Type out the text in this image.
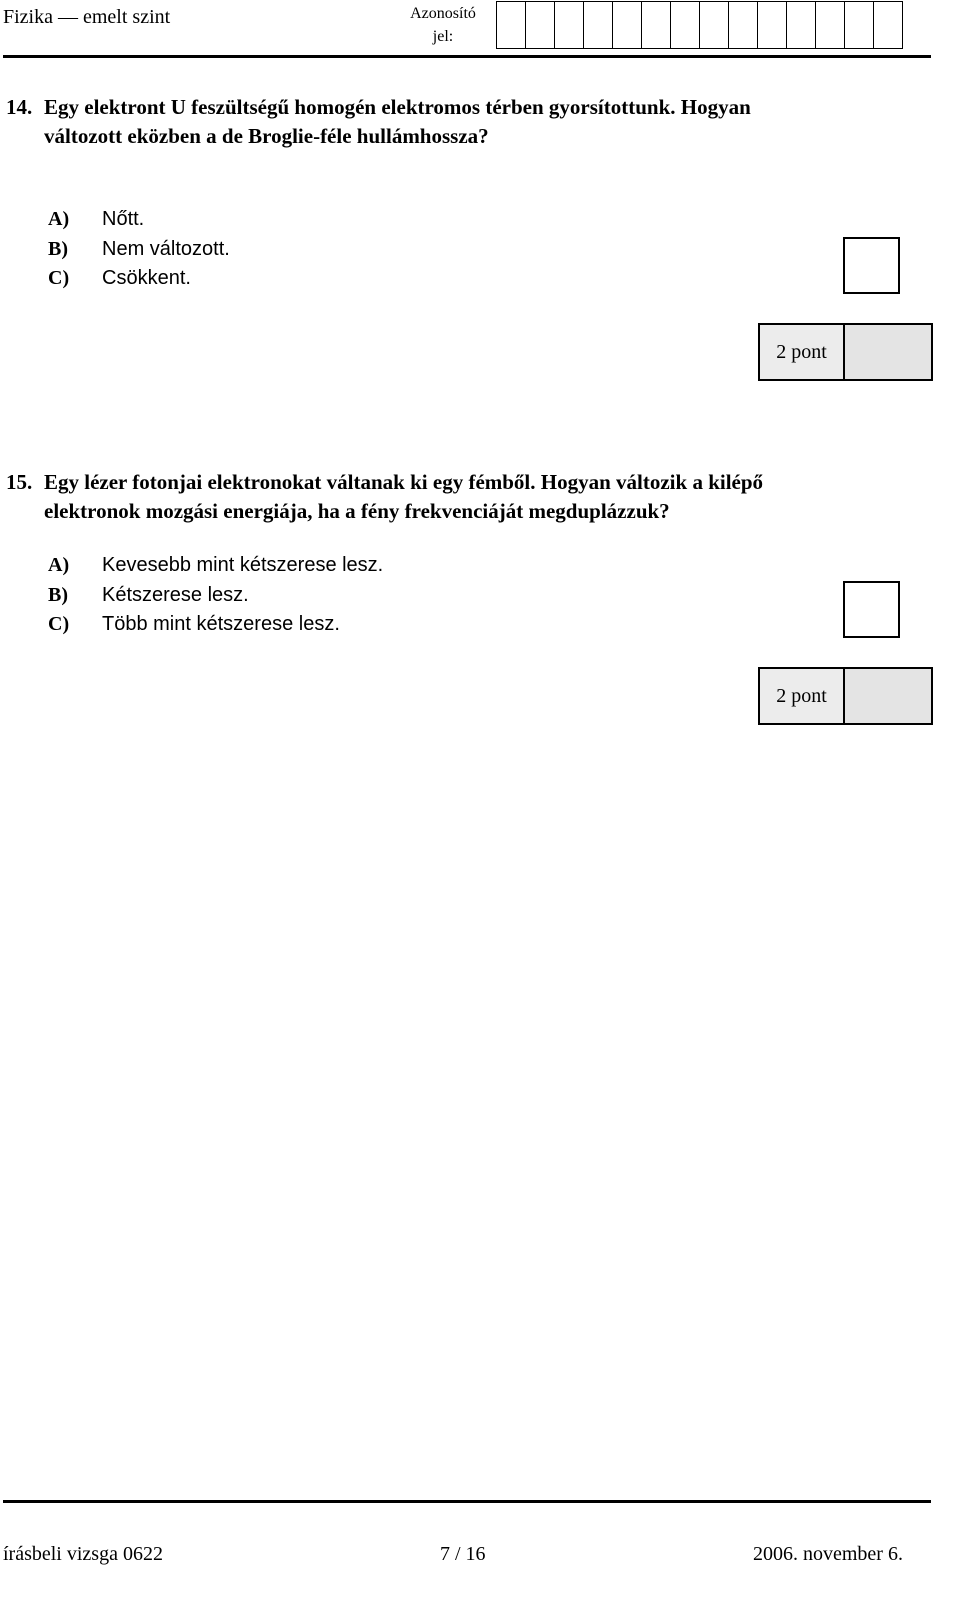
Fizika — emelt szint	Azonosító
jel:
14. Egy elektront U feszültségű homogén elektromos térben gyorsítottunk. Hogyan
változott eközben a de Broglie-féle hullámhossza?
A)	Nőtt.
B)	Nem változott.
C)	Csökkent.
2 pont
15. Egy lézer fotonjai elektronokat váltanak ki egy fémből. Hogyan változik a kilépő
elektronok mozgási energiája, ha a fény frekvenciáját megduplázzuk?
A)	Kevesebb mint kétszerese lesz.
B)	Kétszerese lesz.
C)	Több mint kétszerese lesz.
2 pont
írásbeli vizsga 0622	7 / 16	2006. november 6.
